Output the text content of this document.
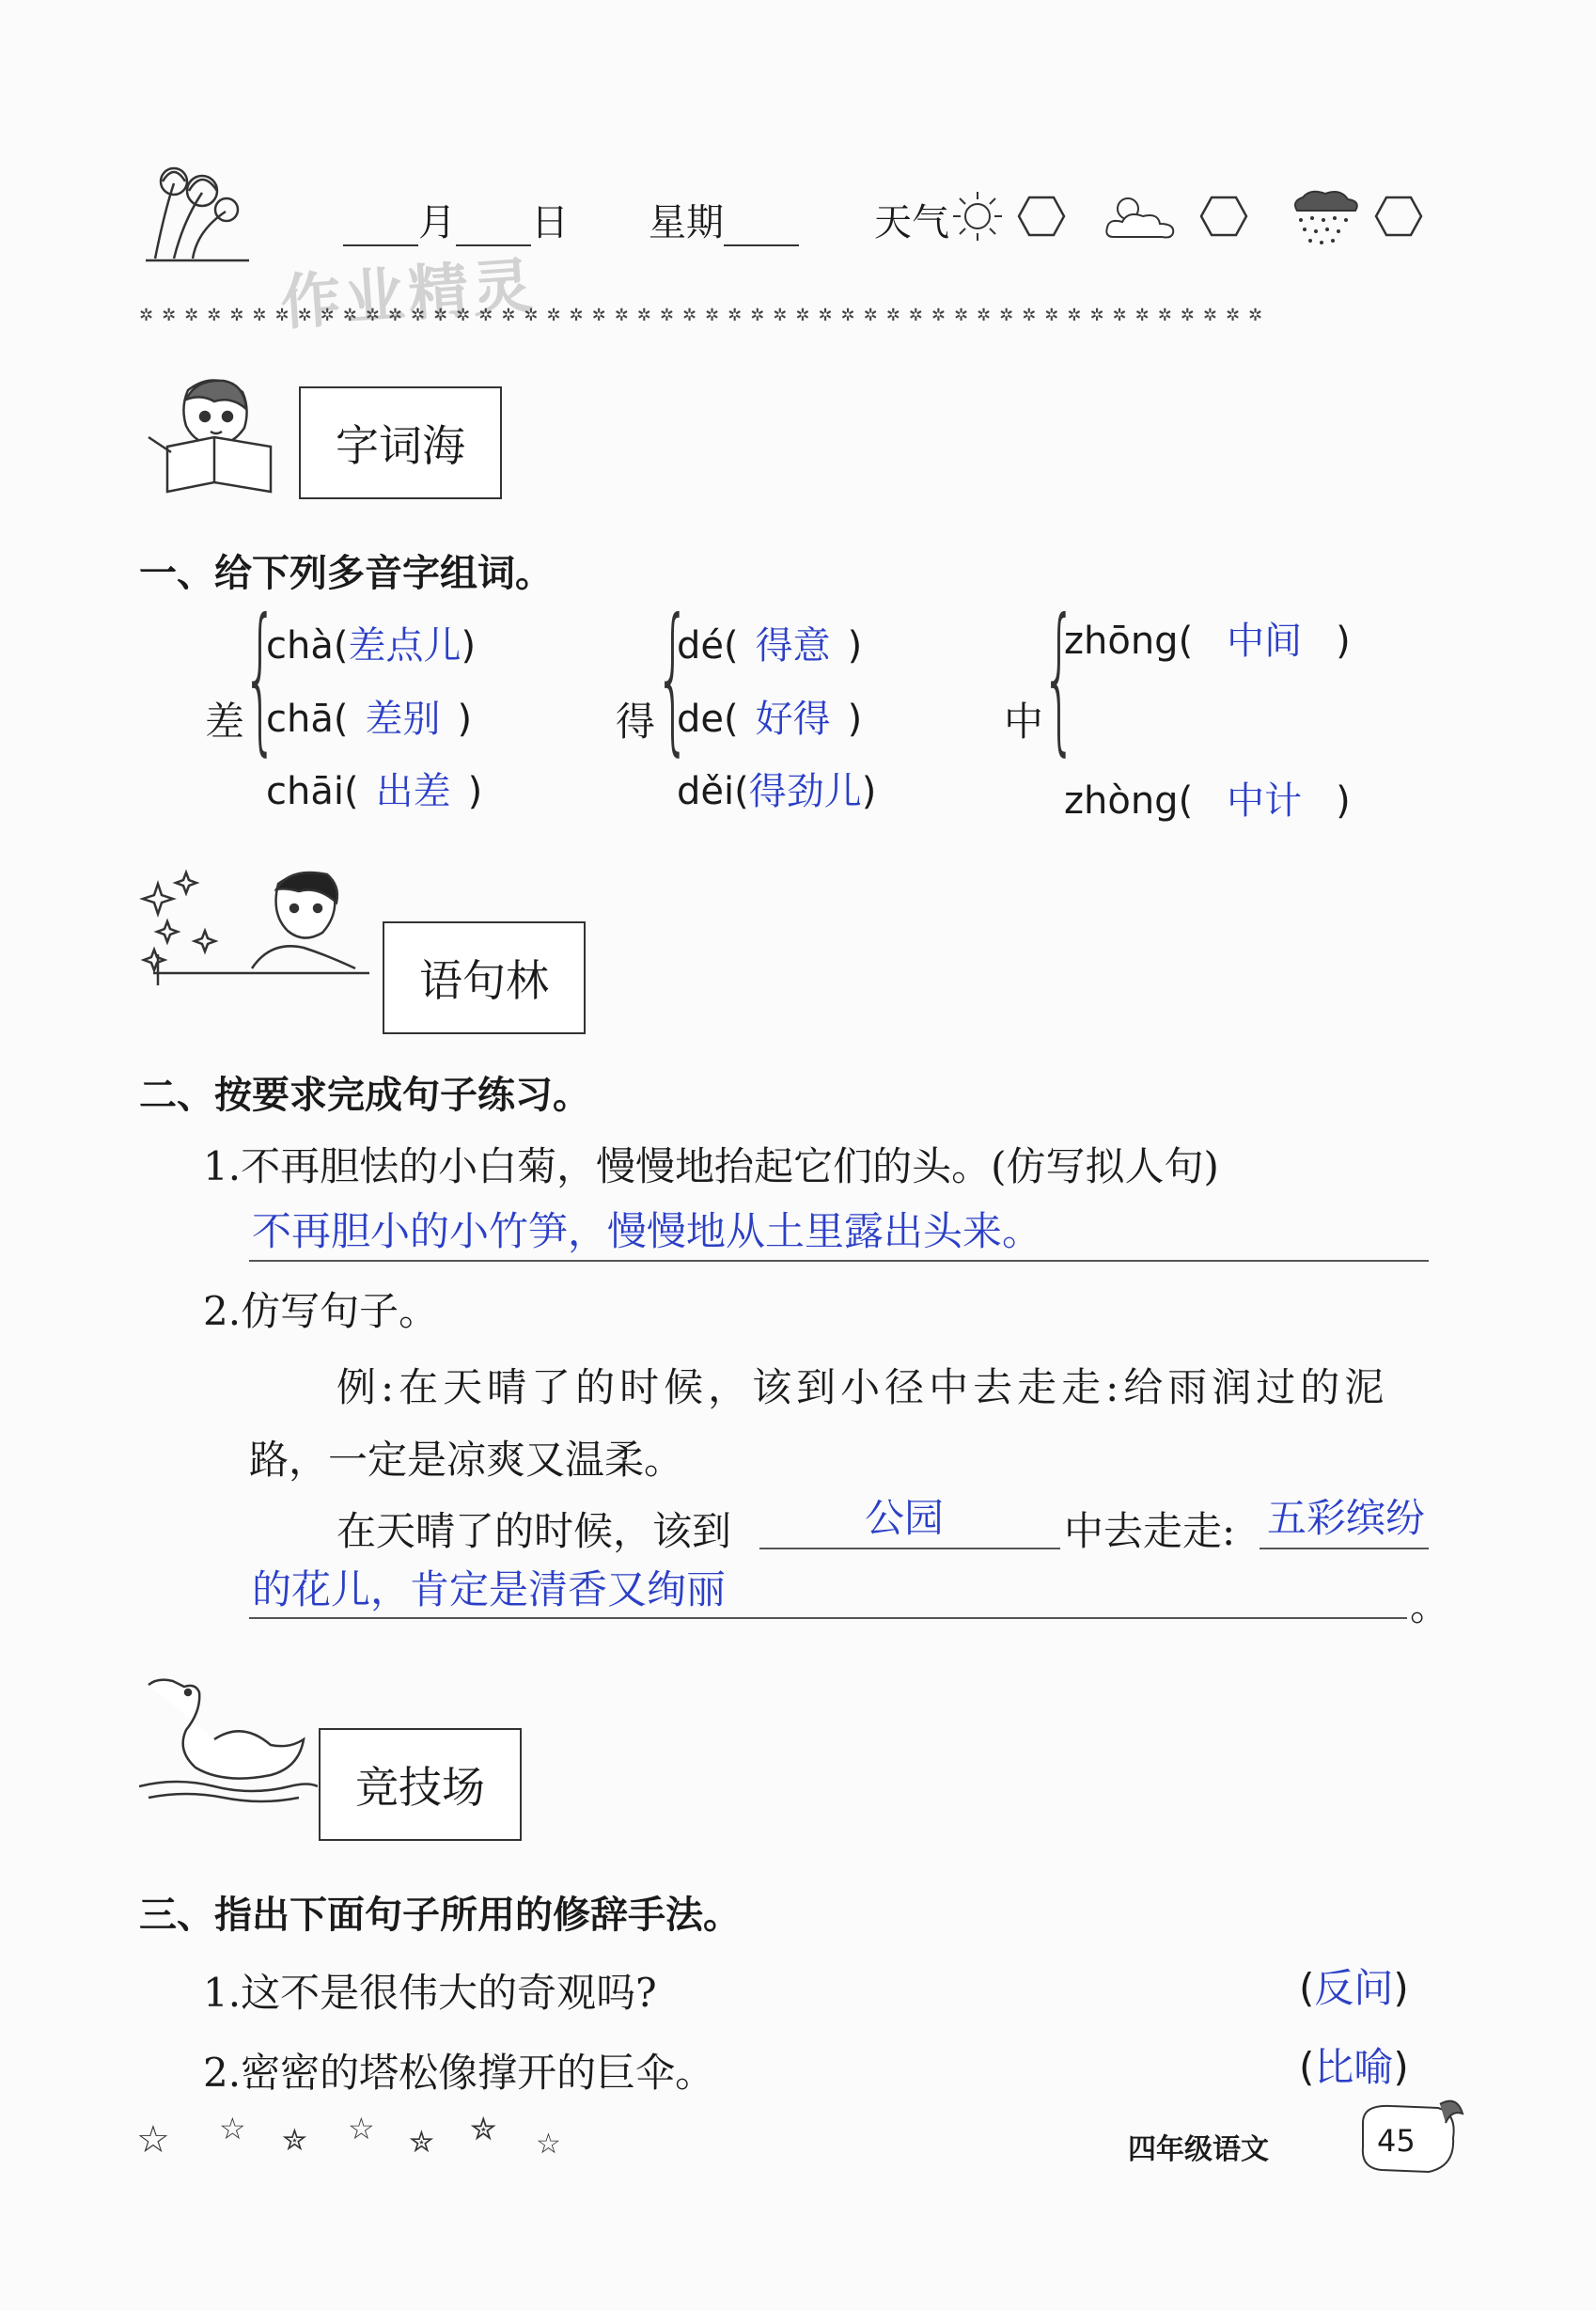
月 日 星期	天气
作业精灵
✲✲✲✲✲✲✲✲✲✲✲✲✲✲✲✲✲✲✲✲✲✲✲✲✲✲✲✲✲✲✲✲✲✲✲✲✲✲✲✲✲✲✲✲✲✲✲✲✲✲
字词海
一、给下列多音字组词。
差
{
chà(差点儿)
chā( 差别 )
chāi( 出差 )
得 {
dé( 得意 )
de( 好得 )
děi(得劲儿)
中
{
zhōng( 中间 )
zhòng( 中计 )
语句林
二、按要求完成句子练习。
1.不再胆怯的小白菊，慢慢地抬起它们的头。(仿写拟人句)
不再胆小的小竹笋，慢慢地从土里露出头来。
2.仿写句子。
例:在天晴了的时候，该到小径中去走走:给雨润过的泥
路，一定是凉爽又温柔。
在天晴了的时候，该到	公园	中去走走: 五彩缤纷
的花儿，肯定是清香又绚丽	。
竞技场
三、指出下面句子所用的修辞手法。
1.这不是很伟大的奇观吗?	(反问)
2.密密的塔松像撑开的巨伞。	(比喻)
☆ ☆ ✮ ☆ ✮ ✮ ☆	四年级语文	45
